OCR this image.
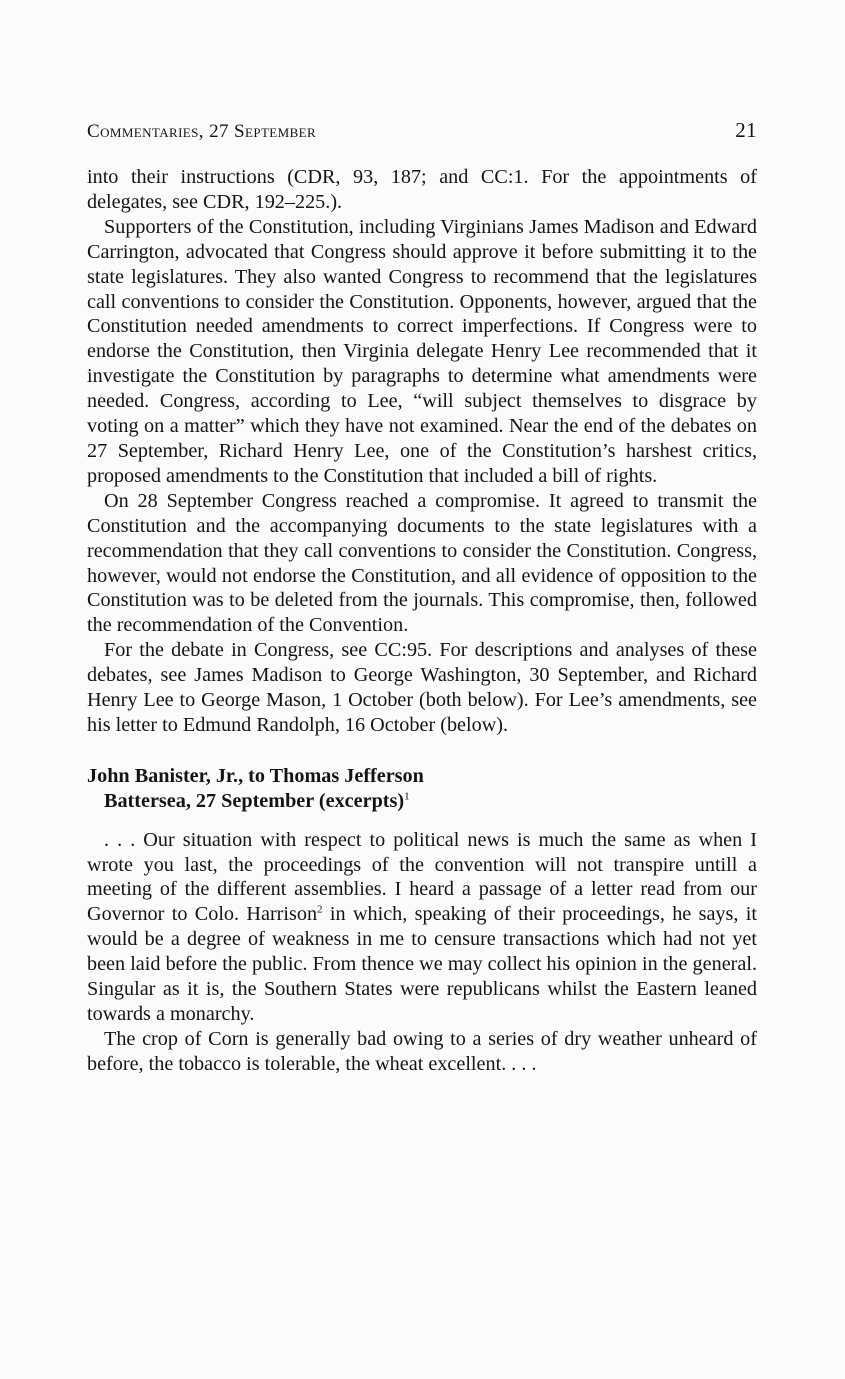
Commentaries, 27 September	21

into their instructions (CDR, 93, 187; and CC:1. For the appointments of delegates, see CDR, 192–225.).

Supporters of the Constitution, including Virginians James Madison and Edward Carrington, advocated that Congress should approve it before submitting it to the state legislatures. They also wanted Congress to recommend that the legislatures call conventions to consider the Constitution. Opponents, however, argued that the Constitution needed amendments to correct imperfections. If Congress were to endorse the Constitution, then Virginia delegate Henry Lee recommended that it investigate the Constitution by paragraphs to determine what amendments were needed. Congress, according to Lee, “will subject themselves to disgrace by voting on a matter” which they have not examined. Near the end of the debates on 27 September, Richard Henry Lee, one of the Constitution’s harshest critics, proposed amendments to the Constitution that included a bill of rights.

On 28 September Congress reached a compromise. It agreed to transmit the Constitution and the accompanying documents to the state legislatures with a recommendation that they call conventions to consider the Constitution. Congress, however, would not endorse the Constitution, and all evidence of opposition to the Constitution was to be deleted from the journals. This compromise, then, followed the recommendation of the Convention.

For the debate in Congress, see CC:95. For descriptions and analyses of these debates, see James Madison to George Washington, 30 September, and Richard Henry Lee to George Mason, 1 October (both below). For Lee’s amendments, see his letter to Edmund Randolph, 16 October (below).

John Banister, Jr., to Thomas Jefferson
Battersea, 27 September (excerpts)$^1$

. . . Our situation with respect to political news is much the same as when I wrote you last, the proceedings of the convention will not transpire untill a meeting of the different assemblies. I heard a passage of a letter read from our Governor to Colo. Harrison$^2$ in which, speaking of their proceedings, he says, it would be a degree of weakness in me to censure transactions which had not yet been laid before the public. From thence we may collect his opinion in the general. Singular as it is, the Southern States were republicans whilst the Eastern leaned towards a monarchy.

The crop of Corn is generally bad owing to a series of dry weather unheard of before, the tobacco is tolerable, the wheat excellent. . . .
